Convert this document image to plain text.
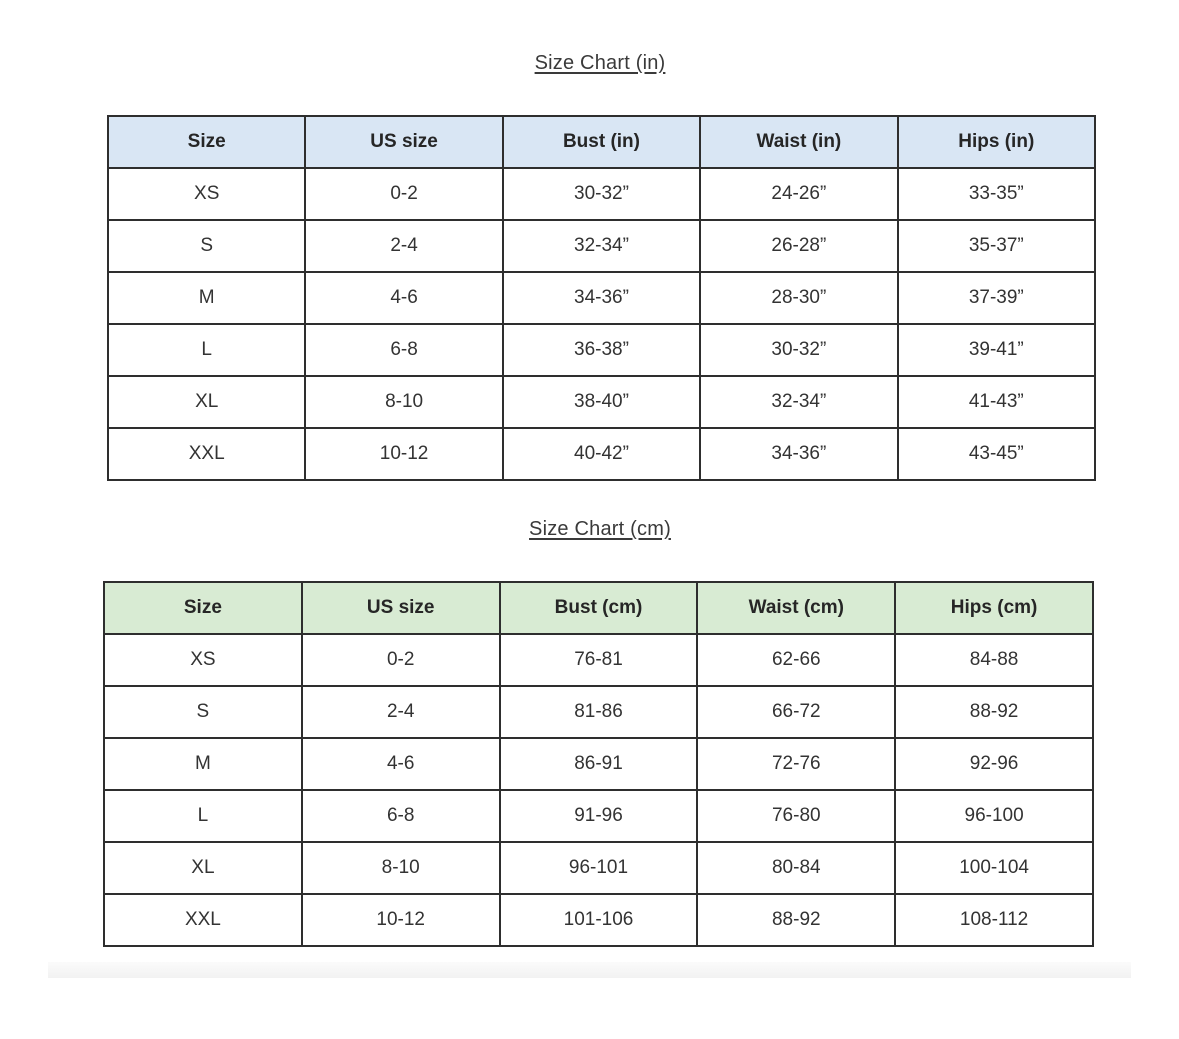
Size Chart (in)
Size	US size	Bust (in)	Waist (in)	Hips (in)
XS	0-2	30-32”	24-26”	33-35”
S	2-4	32-34”	26-28”	35-37”
M	4-6	34-36”	28-30”	37-39”
L	6-8	36-38”	30-32”	39-41”
XL	8-10	38-40”	32-34”	41-43”
XXL	10-12	40-42”	34-36”	43-45”
Size Chart (cm)
Size	US size	Bust (cm)	Waist (cm)	Hips (cm)
XS	0-2	76-81	62-66	84-88
S	2-4	81-86	66-72	88-92
M	4-6	86-91	72-76	92-96
L	6-8	91-96	76-80	96-100
XL	8-10	96-101	80-84	100-104
XXL	10-12	101-106	88-92	108-112
